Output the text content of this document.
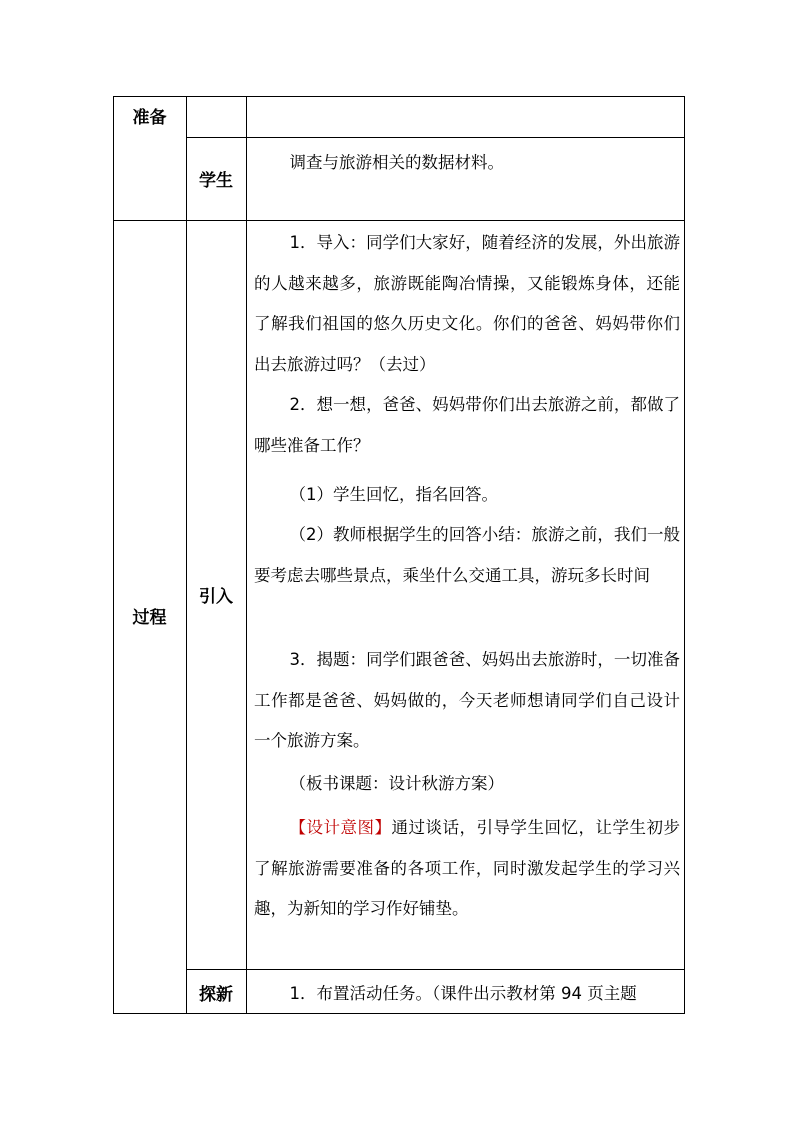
准备
学生
调查与旅游相关的数据材料。
过程
引入
1．导入：同学们大家好，随着经济的发展，外出旅游的人越来越多，旅游既能陶冶情操，又能锻炼身体，还能了解我们祖国的悠久历史文化。你们的爸爸、妈妈带你们出去旅游过吗？（去过）
2．想一想，爸爸、妈妈带你们出去旅游之前，都做了哪些准备工作？
（1）学生回忆，指名回答。
（2）教师根据学生的回答小结：旅游之前，我们一般要考虑去哪些景点，乘坐什么交通工具，游玩多长时间
3．揭题：同学们跟爸爸、妈妈出去旅游时，一切准备工作都是爸爸、妈妈做的，今天老师想请同学们自己设计一个旅游方案。
（板书课题：设计秋游方案）
【设计意图】通过谈话，引导学生回忆，让学生初步了解旅游需要准备的各项工作，同时激发起学生的学习兴趣，为新知的学习作好铺垫。
探新	1．布置活动任务。（课件出示教材第 94 页主题
